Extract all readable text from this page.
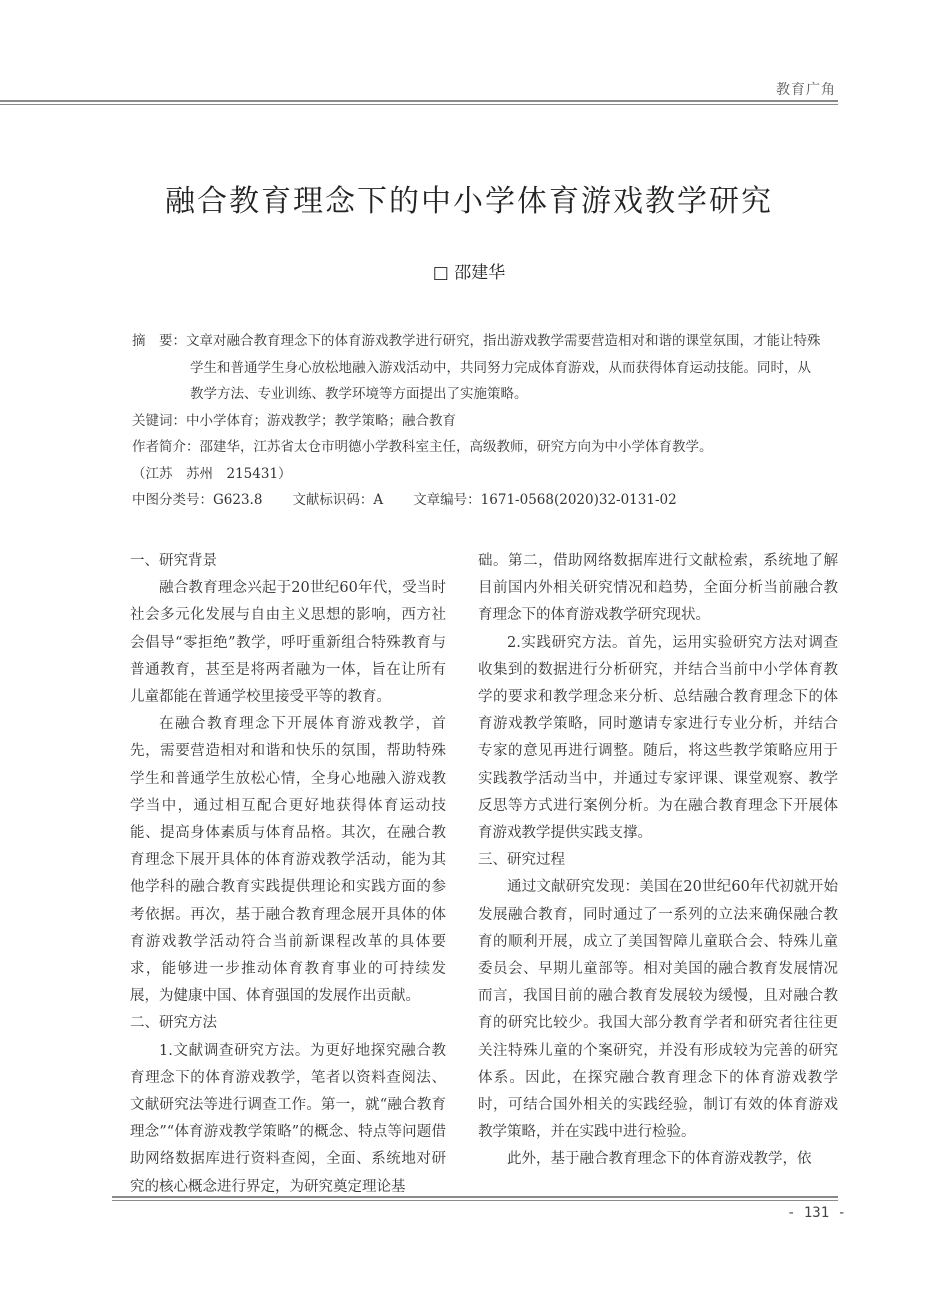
教育广角
融合教育理念下的中小学体育游戏教学研究
□ 邵建华

摘　要：文章对融合教育理念下的体育游戏教学进行研究，指出游戏教学需要营造相对和谐的课堂氛围，才能让特殊学生和普通学生身心放松地融入游戏活动中，共同努力完成体育游戏，从而获得体育运动技能。同时，从教学方法、专业训练、教学环境等方面提出了实施策略。

关键词：中小学体育；游戏教学；教学策略；融合教育

作者简介：邵建华，江苏省太仓市明德小学教科室主任，高级教师，研究方向为中小学体育教学。

（江苏　苏州　215431）

中图分类号：G623.8 文献标识码：A 文章编号：1671-0568(2020)32-0131-02

一、研究背景

融合教育理念兴起于20世纪60年代，受当时社会多元化发展与自由主义思想的影响，西方社会倡导“零拒绝”教学，呼吁重新组合特殊教育与普通教育，甚至是将两者融为一体，旨在让所有儿童都能在普通学校里接受平等的教育。

在融合教育理念下开展体育游戏教学，首先，需要营造相对和谐和快乐的氛围，帮助特殊学生和普通学生放松心情，全身心地融入游戏教学当中，通过相互配合更好地获得体育运动技能、提高身体素质与体育品格。其次，在融合教育理念下展开具体的体育游戏教学活动，能为其他学科的融合教育实践提供理论和实践方面的参考依据。再次，基于融合教育理念展开具体的体育游戏教学活动符合当前新课程改革的具体要求，能够进一步推动体育教育事业的可持续发展，为健康中国、体育强国的发展作出贡献。

二、研究方法

1.文献调查研究方法。为更好地探究融合教育理念下的体育游戏教学，笔者以资料查阅法、文献研究法等进行调查工作。第一，就“融合教育理念”“体育游戏教学策略”的概念、特点等问题借助网络数据库进行资料查阅，全面、系统地对研究的核心概念进行界定，为研究奠定理论基

础。第二，借助网络数据库进行文献检索，系统地了解目前国内外相关研究情况和趋势，全面分析当前融合教育理念下的体育游戏教学研究现状。

2.实践研究方法。首先，运用实验研究方法对调查收集到的数据进行分析研究，并结合当前中小学体育教学的要求和教学理念来分析、总结融合教育理念下的体育游戏教学策略，同时邀请专家进行专业分析，并结合专家的意见再进行调整。随后，将这些教学策略应用于实践教学活动当中，并通过专家评课、课堂观察、教学反思等方式进行案例分析。为在融合教育理念下开展体育游戏教学提供实践支撑。

三、研究过程

通过文献研究发现：美国在20世纪60年代初就开始发展融合教育，同时通过了一系列的立法来确保融合教育的顺利开展，成立了美国智障儿童联合会、特殊儿童委员会、早期儿童部等。相对美国的融合教育发展情况而言，我国目前的融合教育发展较为缓慢，且对融合教育的研究比较少。我国大部分教育学者和研究者往往更关注特殊儿童的个案研究，并没有形成较为完善的研究体系。因此，在探究融合教育理念下的体育游戏教学时，可结合国外相关的实践经验，制订有效的体育游戏教学策略，并在实践中进行检验。

此外，基于融合教育理念下的体育游戏教学，依

- 131 -
